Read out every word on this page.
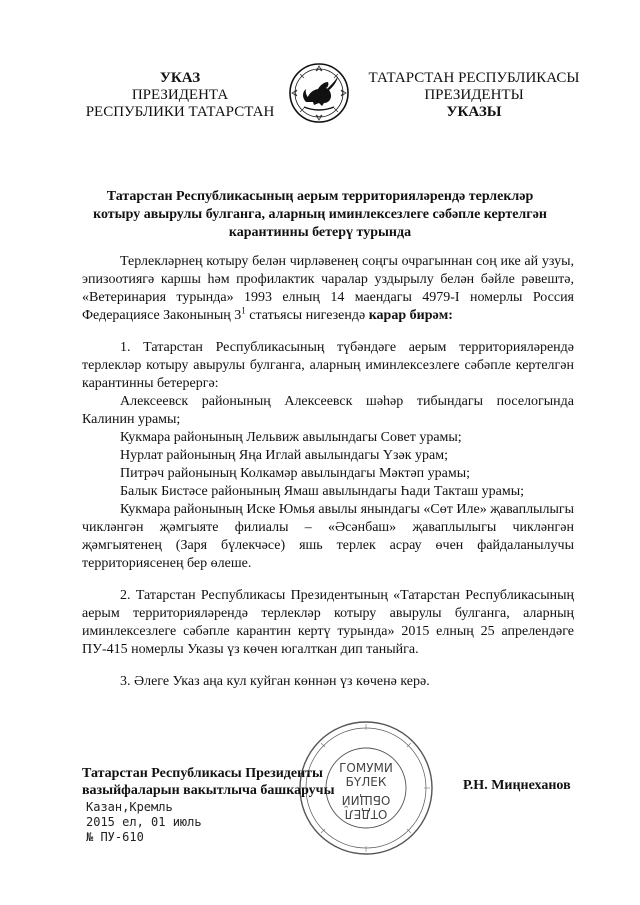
УКАЗ
ПРЕЗИДЕНТА
РЕСПУБЛИКИ ТАТАРСТАН
ТАТАРСТАН РЕСПУБЛИКАСЫ
ПРЕЗИДЕНТЫ
УКАЗЫ
Татарстан Республикасының аерым территорияләрендә терлекләр котыру авырулы булганга, аларның иминлексезлеге сәбәпле кертелгән карантинны бетерү турында

Терлекләрнең котыру белән чирләвенең соңгы очрагыннан соң ике ай узуы, эпизоотиягә каршы һәм профилактик чаралар уздырылу белән бәйле рәвештә, «Ветеринария турында» 1993 елның 14 маендагы 4979-I номерлы Россия Федерациясе Законының $3^1$ статьясы нигезендә карар бирәм:

1. Татарстан Республикасының түбәндәге аерым территорияләрендә терлекләр котыру авырулы булганга, аларның иминлексезлеге сәбәпле кертелгән карантинны бетерергә:

Алексеевск районының Алексеевск шәһәр тибындагы поселогында Калинин урамы;

Кукмара районының Лельвиж авылындагы Совет урамы;

Нурлат районының Яңа Иглай авылындагы Үзәк урам;

Питрәч районының Колкамәр авылындагы Мәктәп урамы;

Балык Бистәсе районының Ямаш авылындагы Һади Такташ урамы;

Кукмара районының Иске Юмья авылы янындагы «Сөт Иле» җаваплылыгы чикләнгән җәмгыяте филиалы – «Әсәнбаш» җаваплылыгы чикләнгән җәмгыятенең (Заря бүлекчәсе) яшь терлек асрау өчен файдаланылучы территориясенең бер өлеше.

2. Татарстан Республикасы Президентының «Татарстан Республикасының аерым территорияләрендә терлекләр котыру авырулы булганга, аларның иминлексезлеге сәбәпле карантин кертү турында» 2015 елның 25 апрелендәге ПУ-415 номерлы Указы үз көчен югалткан дип таныйга.

3. Әлеге Указ аңа кул куйган көннән үз көченә керә.

ГОМУМИ
БҮЛЕК
ОБЩИЙ
ОТДЕЛ
Татарстан Республикасы Президенты
вазыйфаларын вакытлыча башкаручы	Р.Н. Миңнеханов
Казан,Кремль
2015 ел, 01 июль
№ ПУ-610
